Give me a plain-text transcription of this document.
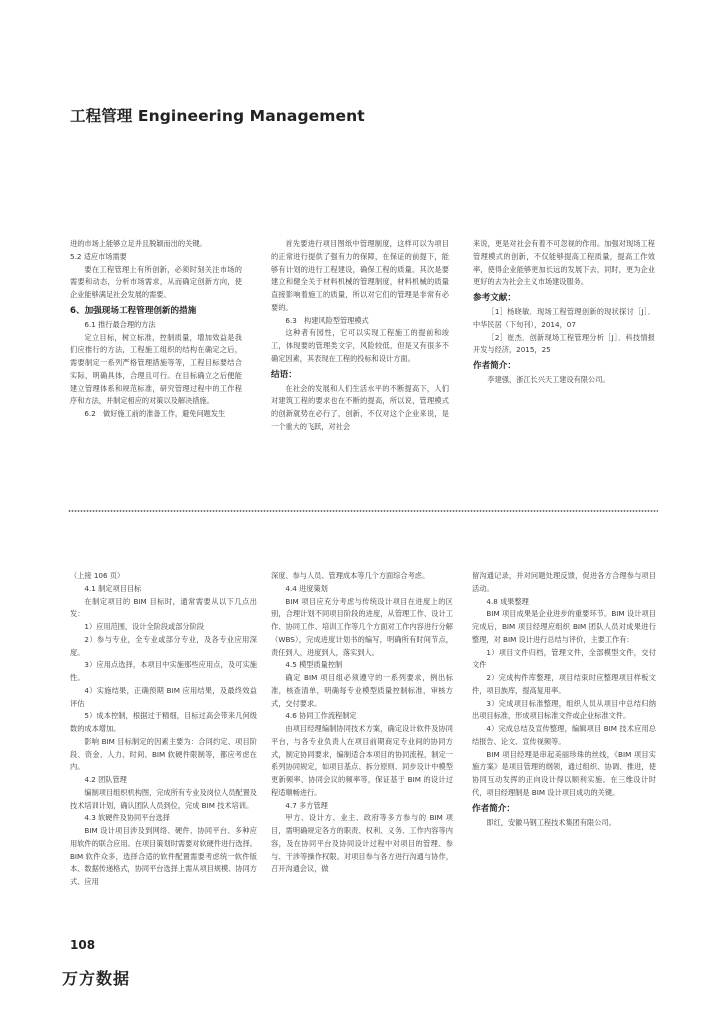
工程管理 Engineering Management

进的市场上能够立足并且脱颖而出的关键。

5.2 适应市场需要

要在工程管理上有所创新，必须时刻关注市场的需要和动态，分析市场需求，从而确定创新方向，使企业能够满足社会发展的需要。

6、加强现场工程管理创新的措施

6.1 推行最合理的方法

定立目标，树立标准，控制质量，增加效益是我们应推行的方法，工程施工组织的结构在确定之后，需要制定一系列严格管理措施等等，工程目标要结合实际，明确具体，合理且可行。在目标确立之后便能建立管理体系和规范标准，研究管理过程中的工作程序和方法，并制定相应的对策以及解决措施。

6.2　做好施工前的准备工作，避免问题发生

首先要进行项目图纸中管理制度，这样可以为项目的正常进行提供了强有力的保障，在保证的前提下，能够有计划的进行工程建设，确保工程的质量。其次是要建立和健全关于材料机械的管理制度，材料机械的质量直接影响着施工的质量，所以对它们的管理是非常有必要的。

6.3　构建风险型管理模式

这种者有园性，它可以实现工程施工的提前和竣工，体现要的管理类文字，风险较低，但是又有很多不确定因素，其表现在工程的投标和设计方面。

结语：

在社会的发展和人们生活水平的不断提高下，人们对建筑工程的要求也在不断的提高，所以说，管理模式的创新就势在必行了，创新，不仅对这个企业来说，是一个重大的飞跃，对社会

来说，更是对社会有着不可忽视的作用。加强对现场工程管理模式的创新，不仅能够提高工程质量，提高工作效率，使得企业能够更加长远的发展下去，同时，更为企业更好的去为社会主义市场建设服务。

参考文献：

［1］杨晓敏．现场工程管理创新的现状探讨［J］．中华民居（下旬刊），2014，07

［2］崔杰．创新现场工程管理分析［J］．科技情报开发与经济，2015，25

作者简介：

李建强，浙江长兴天工建设有限公司。

（上接 106 页）

4.1 制定项目目标

在制定项目的 BIM 目标时，通常需要从以下几点出发：

1）应用范围，设计全阶段或部分阶段

2）参与专业，全专业或部分专业，及各专业应用深度。

3）应用点选择，本项目中实施那些应用点，及可实施性。

4）实施结果，正确预期 BIM 应用结果，及最终效益评估

5）成本控制，根据过于精细，目标过高会带来几何级数的成本增加。

影响 BIM 目标制定的因素主要为：合同约定、项目阶段、资金、人力、时间、BIM 软硬件限制等，都应考虑在内。

4.2 团队管理

编制项目组织机构图，完成所有专业及岗位人员配置及技术培训计划，确认团队人员到位，完成 BIM 技术培训。

4.3 软硬件及协同平台选择

BIM 设计项目涉及到网络、硬件、协同平台、多种应用软件的联合应用。在项目策划时需要对软硬件进行选择。BIM 软件众多，选择合适的软件配置需要考虑统一软件版本、数据传递格式，协同平台选择上需从项目规模、协同方式、应用

深度、参与人员、管理成本等几个方面综合考虑。

4.4 进度策划

BIM 项目应充分考虑与传统设计项目在进度上的区别，合理计划不同项目阶段的进度，从管理工作、设计工作、协同工作、培训工作等几个方面对工作内容进行分解（WBS），完成进度计划书的编写，明确所有时间节点，责任到人，进度到人，落实到人。

4.5 模型质量控制

确定 BIM 项目组必须遵守的一系列要求，例出标准，核查清单，明确每专业模型质量控制标准，审核方式，交付要求。

4.6 协同工作流程制定

由项目经理编制协同技术方案，确定设计软件及协同平台，与各专业负责人在项目前期商定专业间的协同方式，制定协同要求，编制适合本项目的协同流程，制定一系列协同规定，如项目基点、拆分原则、同步设计中模型更新频率、协同会议的频率等，保证基于 BIM 的设计过程适顺畅进行。

4.7 多方管理

甲方、设计方、业主、政府等多方参与的 BIM 项目，需明确规定各方的职责、权利、义务、工作内容等内容，及在协同平台及协同设计过程中对项目的管理、参与、干涉等操作权限。对项目参与各方进行沟通与协作，召开沟通会议，做

留沟通记录，并对问题处理反馈，促进各方合理参与项目活动。

4.8 成果整理

BIM 项目成果是企业进步的重要环节。BIM 设计项目完成后，BIM 项目经理应组织 BIM 团队人员对成果进行整理，对 BIM 设计进行总结与评价，主要工作有：

1）项目文件归档，管理文件，全部模型文件，交付文件

2）完成构件库整理，项目结束时应整理项目样板文件，项目族库，提高复用率。

3）完成项目标准整理，组织人员从项目中总结归纳出项目标准，形成项目标准文件或企业标准文件。

4）完成总结及宣传整理，编辑项目 BIM 技术应用总结报告、论文、宣传视频等。

BIM 项目经理是串起美丽珍珠的丝线，《BIM 项目实施方案》是项目管理的纲领，通过组织、协调、推进，使协同互动发挥的正向设计得以顺利实施。在三维设计时代，项目经理制是 BIM 设计项目成功的关键。

作者简介：

即红，安徽马钢工程技术集团有限公司。

108
万方数据
